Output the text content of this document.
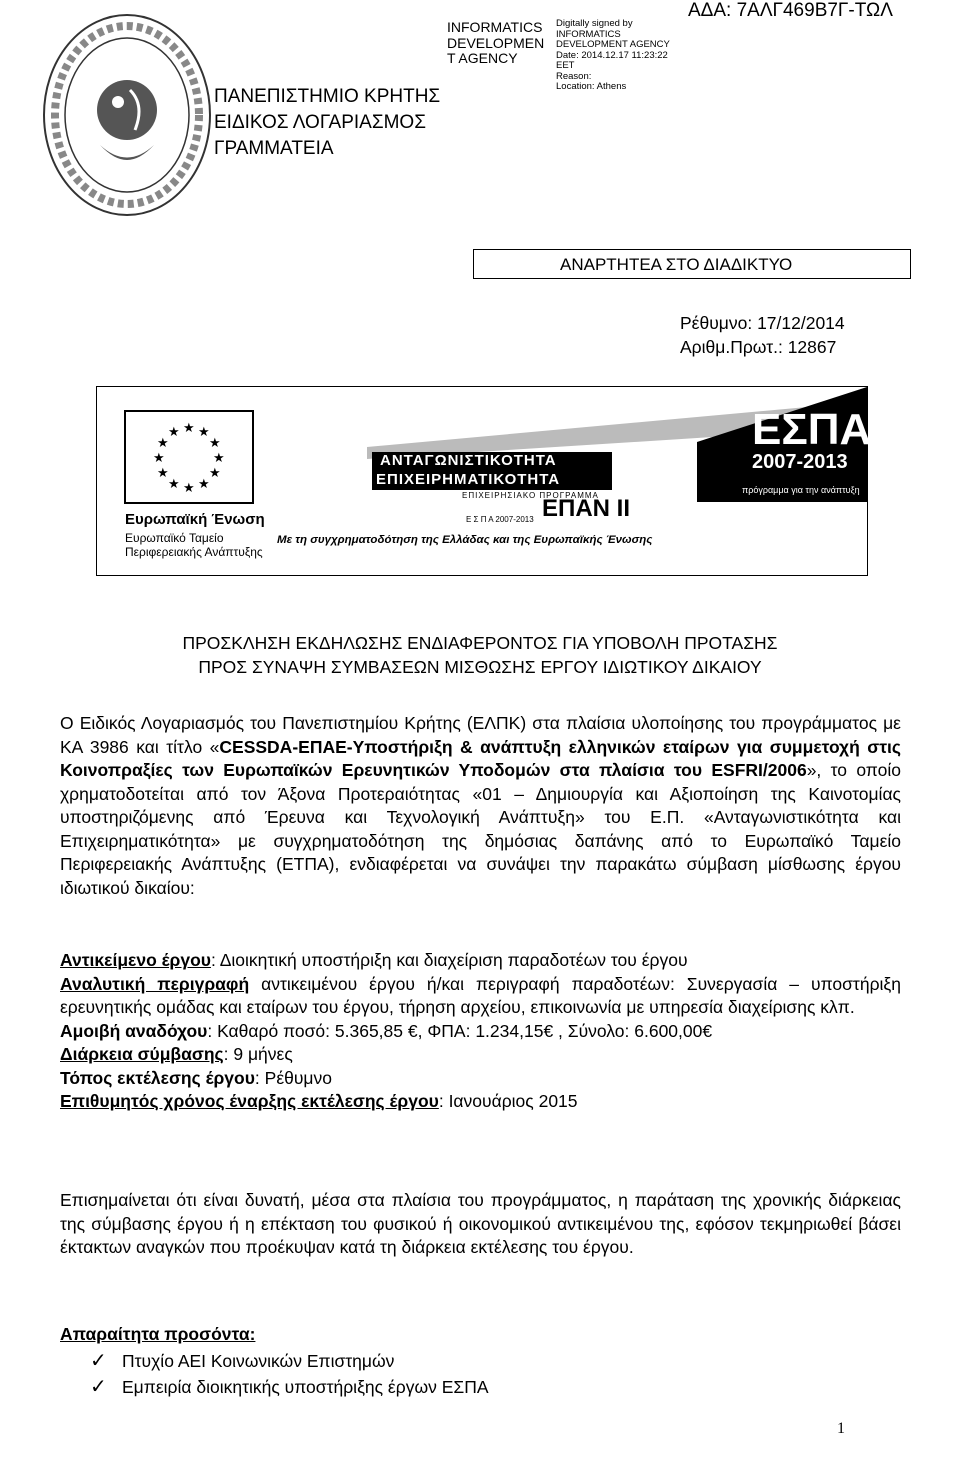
ΠΑΝΕΠΙΣΤΗΜΙΟ ΚΡΗΤΗΣ
ΕΙΔΙΚΟΣ ΛΟΓΑΡΙΑΣΜΟΣ
ΓΡΑΜΜΑΤΕΙΑ
INFORMATICS
DEVELOPMEN
T AGENCY
Digitally signed by
INFORMATICS
DEVELOPMENT AGENCY
Date: 2014.12.17 11:23:22
EET
Reason:
Location: Athens
ΑΔΑ: 7ΑΛΓ469Β7Γ-ΤΩΛ
ΑΝΑΡΤΗΤΕΑ ΣΤΟ ΔΙΑΔΙΚΤΥΟ
Ρέθυμνο: 17/12/2014
Αριθμ.Πρωτ.: 12867
★ ★
★
★
★
★
★
★
★
★
★
★
Ευρωπαϊκή Ένωση
Ευρωπαϊκό Ταμείο
Περιφερειακής Ανάπτυξης
ΑΝΤΑΓΩΝΙΣΤΙΚΟΤΗΤΑ
ΕΠΙΧΕΙΡΗΜΑΤΙΚΟΤΗΤΑ
ΕΠΙΧΕΙΡΗΣΙΑΚΟ ΠΡΟΓΡΑΜΜΑ
Ε Σ Π Α 2007-2013 ΕΠΑΝ II
ΕΣΠΑ
2007-2013
πρόγραμμα για την ανάπτυξη
Με τη συγχρηματοδότηση της Ελλάδας και της Ευρωπαϊκής Ένωσης
ΠΡΟΣΚΛΗΣΗ ΕΚΔΗΛΩΣΗΣ ΕΝΔΙΑΦΕΡΟΝΤΟΣ ΓΙΑ ΥΠΟΒΟΛΗ ΠΡΟΤΑΣΗΣ
ΠΡΟΣ ΣΥΝΑΨΗ ΣΥΜΒΑΣΕΩΝ ΜΙΣΘΩΣΗΣ ΕΡΓΟΥ ΙΔΙΩΤΙΚΟΥ ΔΙΚΑΙΟΥ
Ο Ειδικός Λογαριασμός του Πανεπιστημίου Κρήτης (ΕΛΠΚ) στα πλαίσια υλοποίησης του προγράμματος με ΚΑ 3986 και τίτλο «CESSDA-ΕΠΑΕ-Υποστήριξη & ανάπτυξη ελληνικών εταίρων για συμμετοχή στις Κοινοπραξίες των Ευρωπαϊκών Ερευνητικών Υποδομών στα πλαίσια του ESFRI/2006», το οποίο χρηματοδοτείται από τον Άξονα Προτεραιότητας «01 – Δημιουργία και Αξιοποίηση της Καινοτομίας υποστηριζόμενης από Έρευνα και Τεχνολογική Ανάπτυξη» του Ε.Π. «Ανταγωνιστικότητα και Επιχειρηματικότητα» με συγχρηματοδότηση της δημόσιας δαπάνης από το Ευρωπαϊκό Ταμείο Περιφερειακής Ανάπτυξης (ΕΤΠΑ), ενδιαφέρεται να συνάψει την παρακάτω σύμβαση μίσθωσης έργου ιδιωτικού δικαίου:
Αντικείμενο έργου: Διοικητική υποστήριξη και διαχείριση παραδοτέων του έργου
Αναλυτική περιγραφή αντικειμένου έργου ή/και περιγραφή παραδοτέων: Συνεργασία – υποστήριξη ερευνητικής ομάδας και εταίρων του έργου, τήρηση αρχείου, επικοινωνία με υπηρεσία διαχείρισης κλπ.
Αμοιβή αναδόχου: Καθαρό ποσό: 5.365,85 €, ΦΠΑ: 1.234,15€ , Σύνολο: 6.600,00€
Διάρκεια σύμβασης: 9 μήνες
Τόπος εκτέλεσης έργου: Ρέθυμνο
Επιθυμητός χρόνος έναρξης εκτέλεσης έργου: Ιανουάριος 2015
Επισημαίνεται ότι είναι δυνατή, μέσα στα πλαίσια του προγράμματος, η παράταση της χρονικής διάρκειας της σύμβασης έργου ή η επέκταση του φυσικού ή οικονομικού αντικειμένου της, εφόσον τεκμηριωθεί βάσει έκτακτων αναγκών που προέκυψαν κατά τη διάρκεια εκτέλεσης του έργου.
Απαραίτητα προσόντα:
✓ Πτυχίο ΑΕΙ Κοινωνικών Επιστημών
✓ Εμπειρία διοικητικής υποστήριξης έργων ΕΣΠΑ
1
